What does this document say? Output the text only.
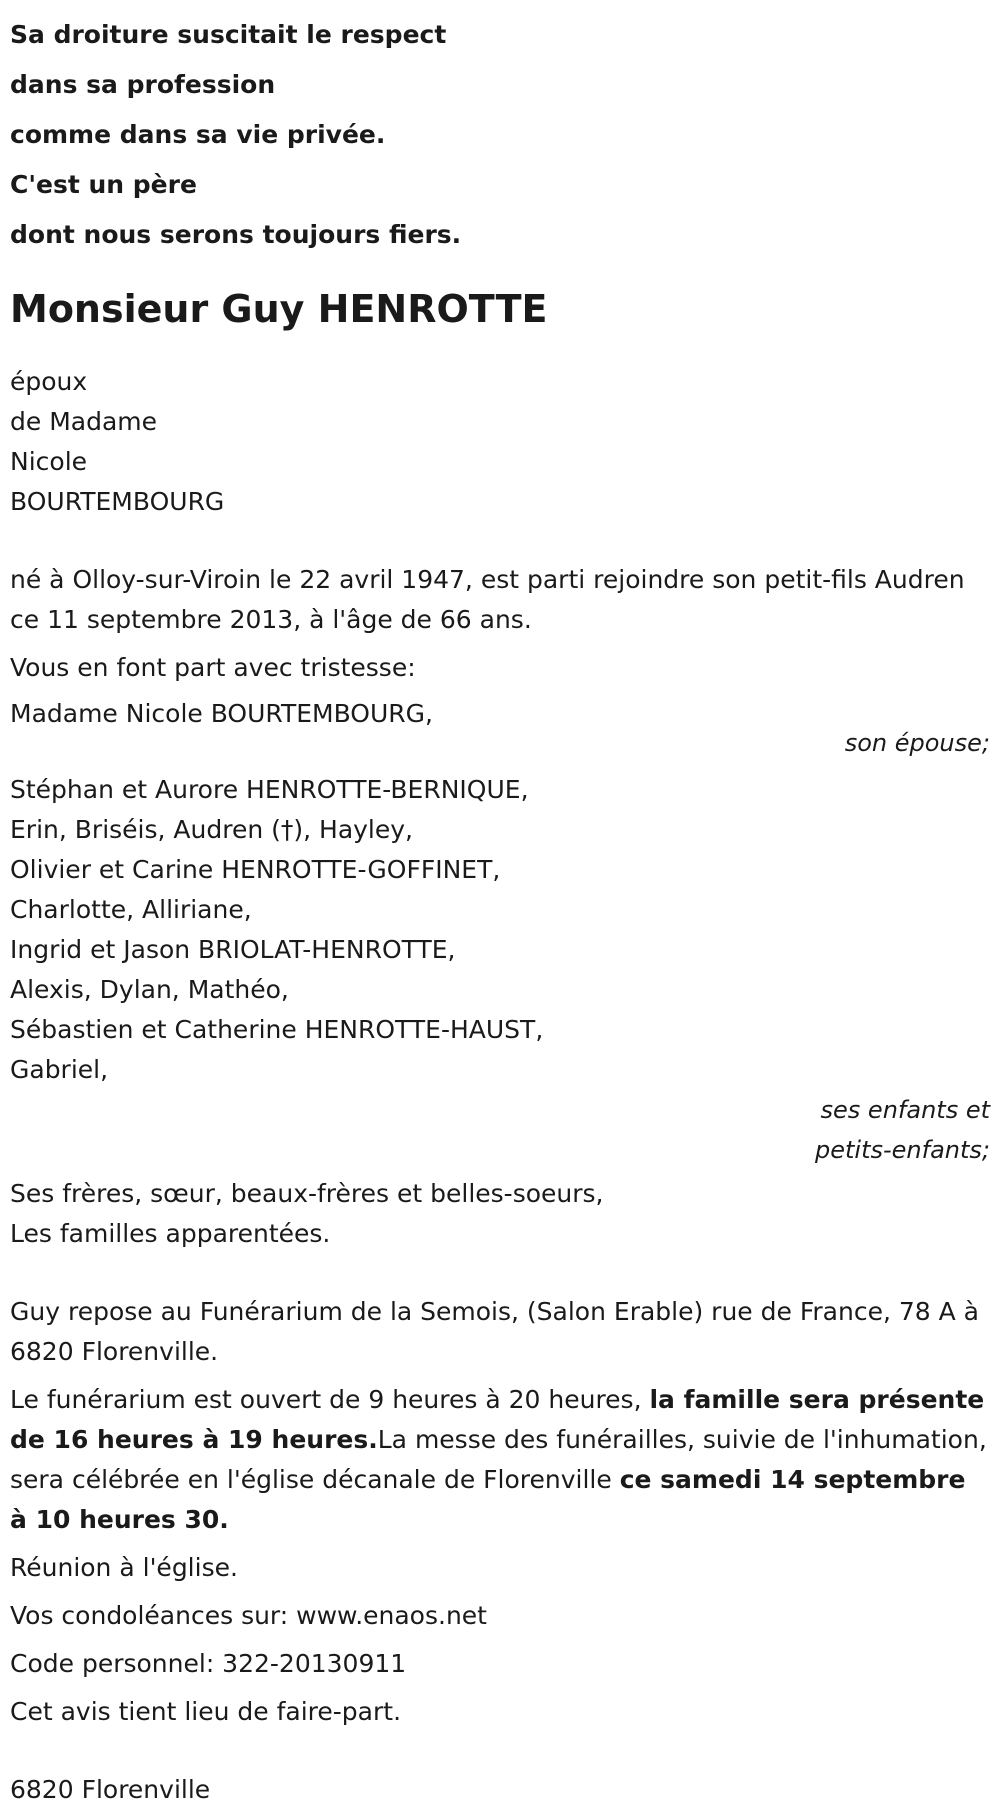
Sa droiture suscitait le respect

dans sa profession

comme dans sa vie privée.

C'est un père

dont nous serons toujours fiers.

Monsieur Guy HENROTTE

époux

de Madame

Nicole

BOURTEMBOURG

né à Olloy-sur-Viroin le 22 avril 1947, est parti rejoindre son petit-fils Audren ce 11 septembre 2013, à l'âge de 66 ans.

Vous en font part avec tristesse:

Madame Nicole BOURTEMBOURG,

son épouse;

Stéphan et Aurore HENROTTE-BERNIQUE,

Erin, Briséis, Audren (†), Hayley,

Olivier et Carine HENROTTE-GOFFINET,

Charlotte, Alliriane,

Ingrid et Jason BRIOLAT-HENROTTE,

Alexis, Dylan, Mathéo,

Sébastien et Catherine HENROTTE-HAUST,

Gabriel,

ses enfants et

petits-enfants;

Ses frères, sœur, beaux-frères et belles-soeurs,

Les familles apparentées.

Guy repose au Funérarium de la Semois, (Salon Erable) rue de France, 78 A à 6820 Florenville.

Le funérarium est ouvert de 9 heures à 20 heures, la famille sera présente de 16 heures à 19 heures.La messe des funérailles, suivie de l'inhumation, sera célébrée en l'église décanale de Florenville ce samedi 14 septembre à 10 heures 30.

Réunion à l'église.

Vos condoléances sur: www.enaos.net

Code personnel: 322-20130911

Cet avis tient lieu de faire-part.

6820 Florenville
